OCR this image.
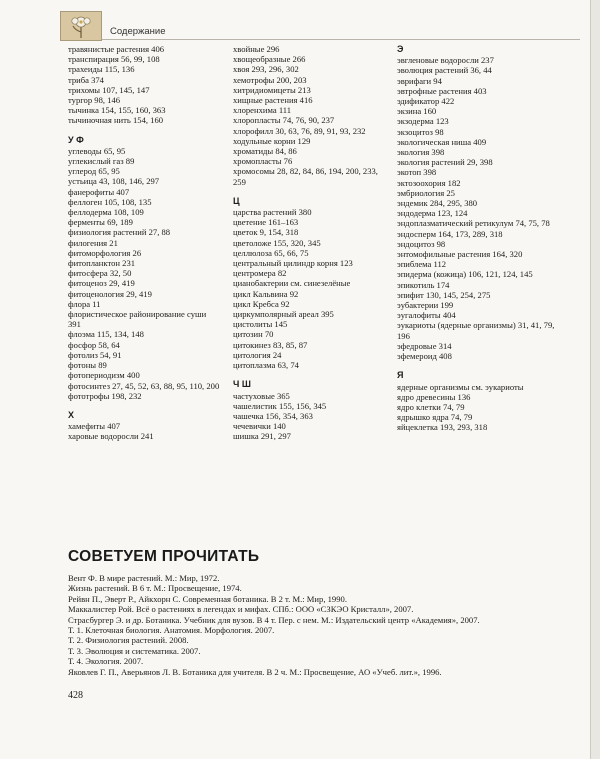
Содержание
травянистые растения 406
транспирация 56, 99, 108
трахеиды 115, 136
триба 374
трихомы 107, 145, 147
тургор 98, 146
тычинка 154, 155, 160, 363
тычиночная нить 154, 160
У Ф
углеводы 65, 95
углекислый газ 89
углерод 65, 95
устьица 43, 108, 146, 297
фанерофиты 407
феллоген 105, 108, 135
феллодерма 108, 109
ферменты 69, 189
физиология растений 27, 88
филогения 21
фитоморфология 26
фитопланктон 231
фитосфера 32, 50
фитоценоз 29, 419
фитоценология 29, 419
флора 11
флористическое районирование суши 391
флоэма 115, 134, 148
фосфор 58, 64
фотолиз 54, 91
фотоны 89
фотопериодизм 400
фотосинтез 27, 45, 52, 63, 88, 95, 110, 200
фототрофы 198, 232
Х
хамефиты 407
харовые водоросли 241
хвойные 296
хвощеобразные 266
хвоя 293, 296, 302
хемотрофы 200, 203
хитридиомицеты 213
хищные растения 416
хлоренхима 111
хлоропласты 74, 76, 90, 237
хлорофилл 30, 63, 76, 89, 91, 93, 232
ходульные корни 129
хроматиды 84, 86
хромопласты 76
хромосомы 28, 82, 84, 86, 194, 200, 233, 259
Ц
царства растений 380
цветение 161–163
цветок 9, 154, 318
цветоложе 155, 320, 345
целлюлоза 65, 66, 75
центральный цилиндр корня 123
центромера 82
цианобактерии см. синезелёные
цикл Кальвина 92
цикл Кребса 92
циркумполярный ареал 395
цистолиты 145
цитозин 70
цитокинез 83, 85, 87
цитология 24
цитоплазма 63, 74
Ч Ш
частуховые 365
чашелистик 155, 156, 345
чашечка 156, 354, 363
чечевички 140
шишка 291, 297
Э
эвгленовые водоросли 237
эволюция растений 36, 44
эврифаги 94
эвтрофные растения 403
эдификатор 422
экзина 160
экзодерма 123
экзоцитоз 98
экологическая ниша 409
экология 398
экология растений 29, 398
экотоп 398
эктозоохория 182
эмбриология 25
эндемик 284, 295, 380
эндодерма 123, 124
эндоплазматический ретикулум 74, 75, 78
эндосперм 164, 173, 289, 318
эндоцитоз 98
энтомофильные растения 164, 320
эпиблема 112
эпидерма (кожица) 106, 121, 124, 145
эпикотиль 174
эпифит 130, 145, 254, 275
эубактерии 199
эугалофиты 404
эукариоты (ядерные организмы) 31, 41, 79, 196
эфедровые 314
эфемероид 408
Я
ядерные организмы см. эукариоты
ядро древесины 136
ядро клетки 74, 79
ядрышко ядра 74, 79
яйцеклетка 193, 293, 318
СОВЕТУЕМ ПРОЧИТАТЬ
Вент Ф. В мире растений. М.: Мир, 1972.
Жизнь растений. В 6 т. М.: Просвещение, 1974.
Рейвн П., Эверт Р., Айкхорн С. Современная ботаника. В 2 т. М.: Мир, 1990.
Маккалистер Рой. Всё о растениях в легендах и мифах. СПб.: ООО «СЗКЭО Кристалл», 2007.
Страсбургер Э. и др. Ботаника. Учебник для вузов. В 4 т. Пер. с нем. М.: Издательский центр «Академия», 2007.
Т. 1. Клеточная биология. Анатомия. Морфология. 2007.
Т. 2. Физиология растений. 2008.
Т. 3. Эволюция и систематика. 2007.
Т. 4. Экология. 2007.
Яковлев Г. П., Аверьянов Л. В. Ботаника для учителя. В 2 ч. М.: Просвещение, АО «Учеб. лит.», 1996.
428
